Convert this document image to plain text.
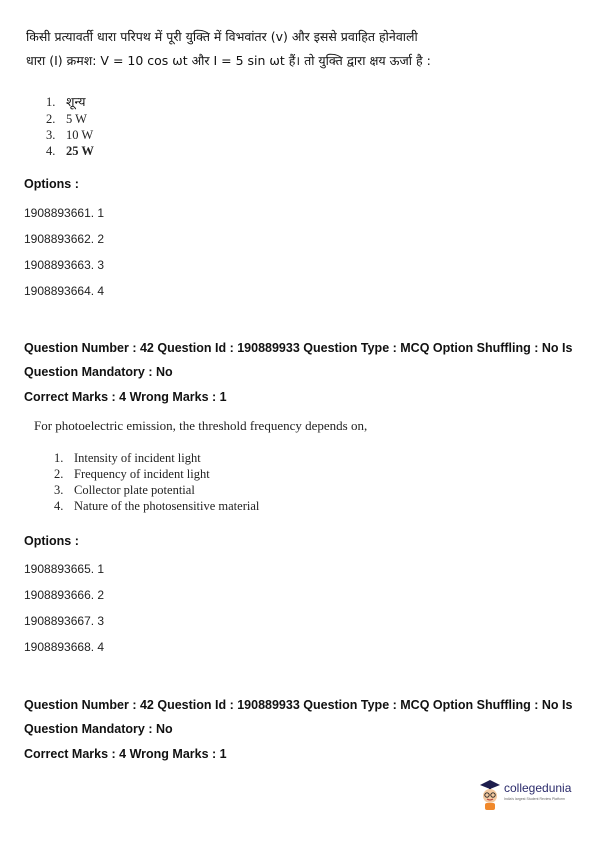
किसी प्रत्यावर्ती धारा परिपथ में पूरी युक्ति में विभवांतर (v) और इससे प्रवाहित होनेवाली
धारा (I) क्रमश: V = 10 cos ωt और I = 5 sin ωt हैं। तो युक्ति द्वारा क्षय ऊर्जा है :
1. शून्य
2. 5 W
3. 10 W
4. 25 W
Options :
1908893661. 1
1908893662. 2
1908893663. 3
1908893664. 4
Question Number : 42 Question Id : 190889933 Question Type : MCQ Option Shuffling : No Is
Question Mandatory : No
Correct Marks : 4 Wrong Marks : 1
For photoelectric emission, the threshold frequency depends on,
1. Intensity of incident light
2. Frequency of incident light
3. Collector plate potential
4. Nature of the photosensitive material
Options :
1908893665. 1
1908893666. 2
1908893667. 3
1908893668. 4
Question Number : 42 Question Id : 190889933 Question Type : MCQ Option Shuffling : No Is
Question Mandatory : No
Correct Marks : 4 Wrong Marks : 1
collegedunia
India's largest Student Review Platform
